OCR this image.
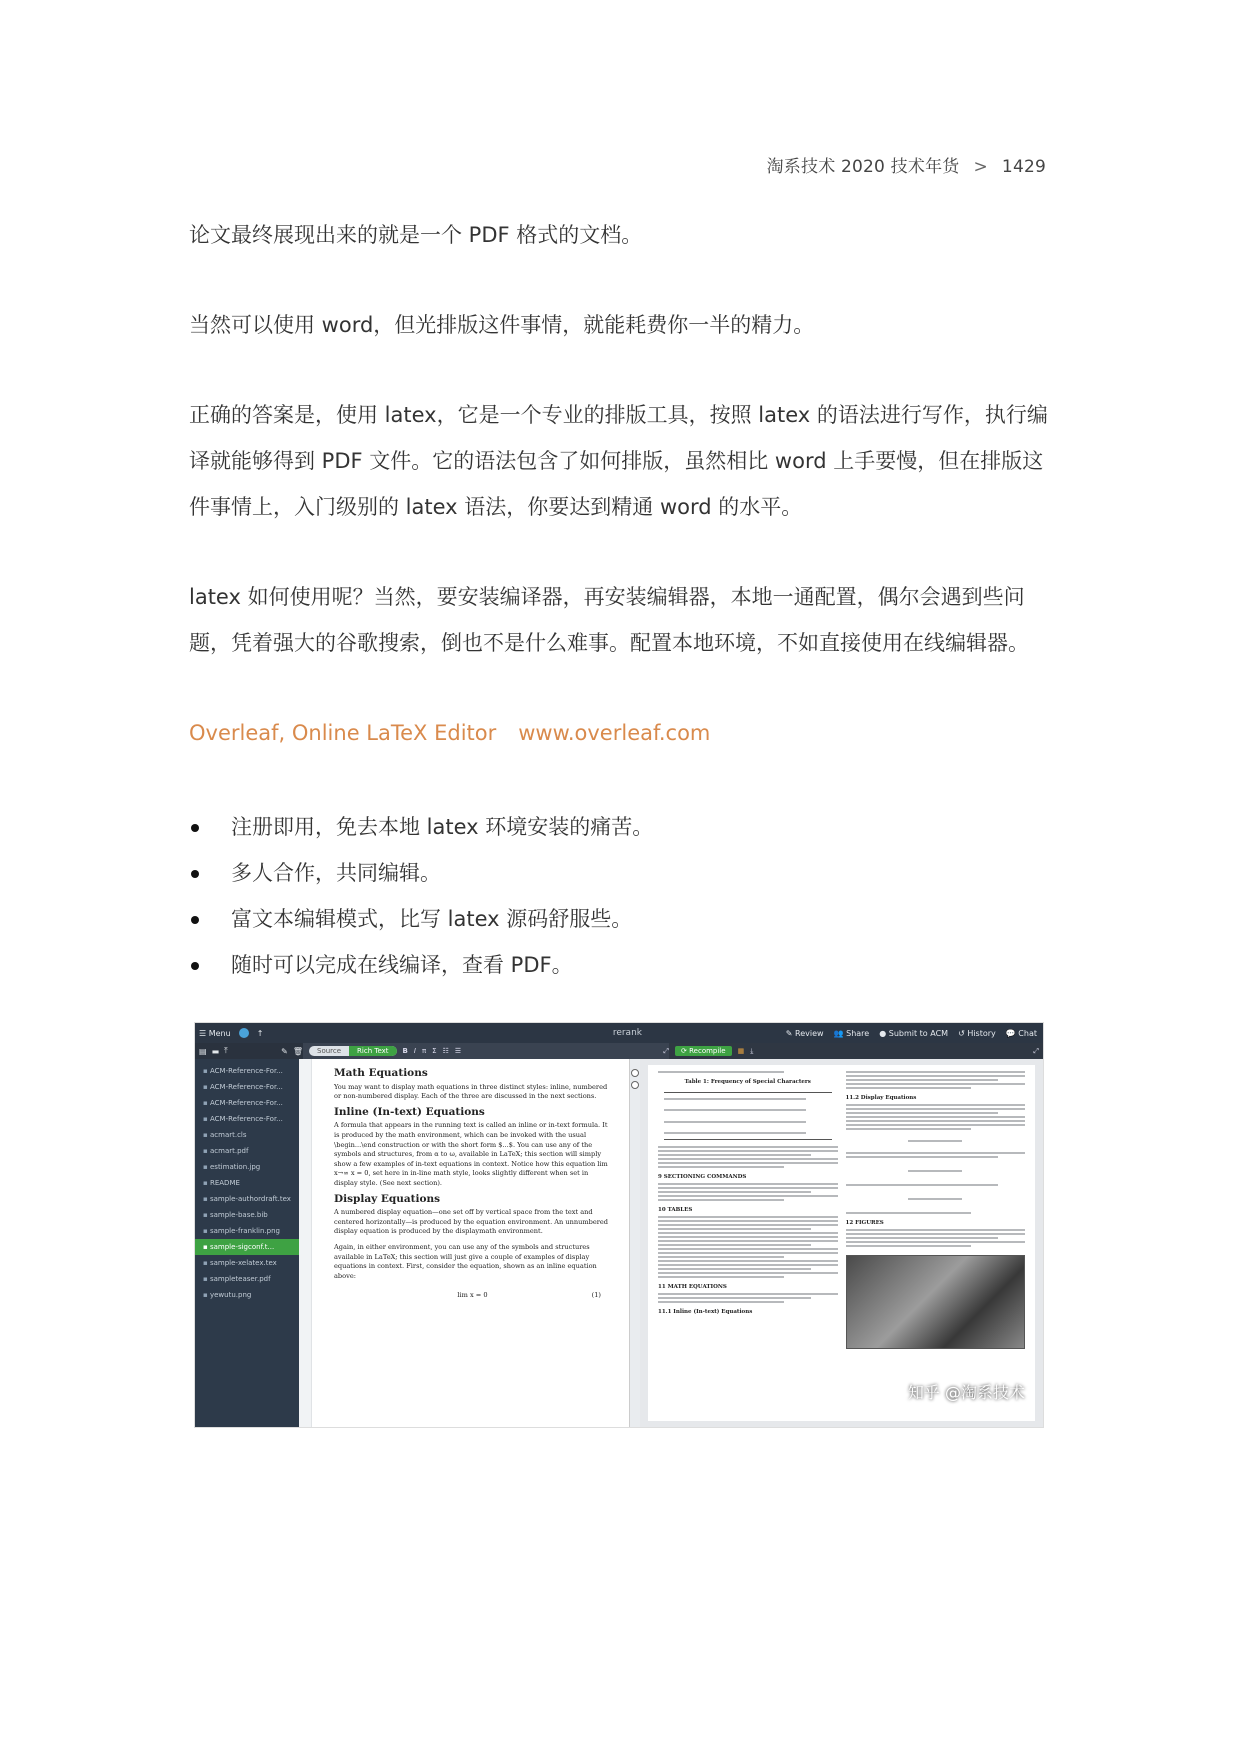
淘系技术 2020 技术年货 > 1429

论文最终展现出来的就是一个 PDF 格式的文档。

当然可以使用 word，但光排版这件事情，就能耗费你一半的精力。

正确的答案是，使用 latex，它是一个专业的排版工具，按照 latex 的语法进行写作，执行编译就能够得到 PDF 文件。它的语法包含了如何排版，虽然相比 word 上手要慢，但在排版这件事情上，入门级别的 latex 语法，你要达到精通 word 的水平。

latex 如何使用呢？当然，要安装编译器，再安装编辑器，本地一通配置，偶尔会遇到些问题，凭着强大的谷歌搜索，倒也不是什么难事。配置本地环境，不如直接使用在线编辑器。

Overleaf, Online LaTeX Editor www.overleaf.com

注册即用，免去本地 latex 环境安装的痛苦。
多人合作，共同编辑。
富文本编辑模式，比写 latex 源码舒服些。
随时可以完成在线编译，查看 PDF。
☰ Menu	↑	rerank	✎ Review 👥 Share ● Submit to ACM ↺ History 💬 Chat
▤ ▬ ⤒	✎ 🗑	Source	Rich Text	B I π Σ ☷ ☰	⤢	⟳ Recompile	▦ ⤓	⤢
▪ ACM-Reference-For...
▪ ACM-Reference-For...
▪ ACM-Reference-For...
▪ ACM-Reference-For...
▪ acmart.cls
▪ acmart.pdf
▪ estimation.jpg
▪ README
▪ sample-authordraft.tex
▪ sample-base.bib
▪ sample-franklin.png
▪ sample-sigconf.t...
▪ sample-xelatex.tex
▪ sampleteaser.pdf
▪ yewutu.png
Math Equations

You may want to display math equations in three distinct styles: inline, numbered or non-numbered display. Each of the three are discussed in the next sections.

Inline (In-text) Equations

A formula that appears in the running text is called an inline or in-text formula. It is produced by the math environment, which can be invoked with the usual \begin...\end construction or with the short form $...$. You can use any of the symbols and structures, from α to ω, available in LaTeX; this section will simply show a few examples of in-text equations in context. Notice how this equation lim x→∞ x = 0, set here in in-line math style, looks slightly different when set in display style. (See next section).

Display Equations

A numbered display equation—one set off by vertical space from the text and centered horizontally—is produced by the equation environment. An unnumbered display equation is produced by the displaymath environment.

Again, in either environment, you can use any of the symbols and structures available in LaTeX; this section will just give a couple of examples of display equations in context. First, consider the equation, shown as an inline equation above:

lim x = 0	(1)
Table 1: Frequency of Special Characters
9 SECTIONING COMMANDS
10 TABLES
11 MATH EQUATIONS
11.1 Inline (In-text) Equations
11.2 Display Equations
12 FIGURES
知乎 @淘系技术
